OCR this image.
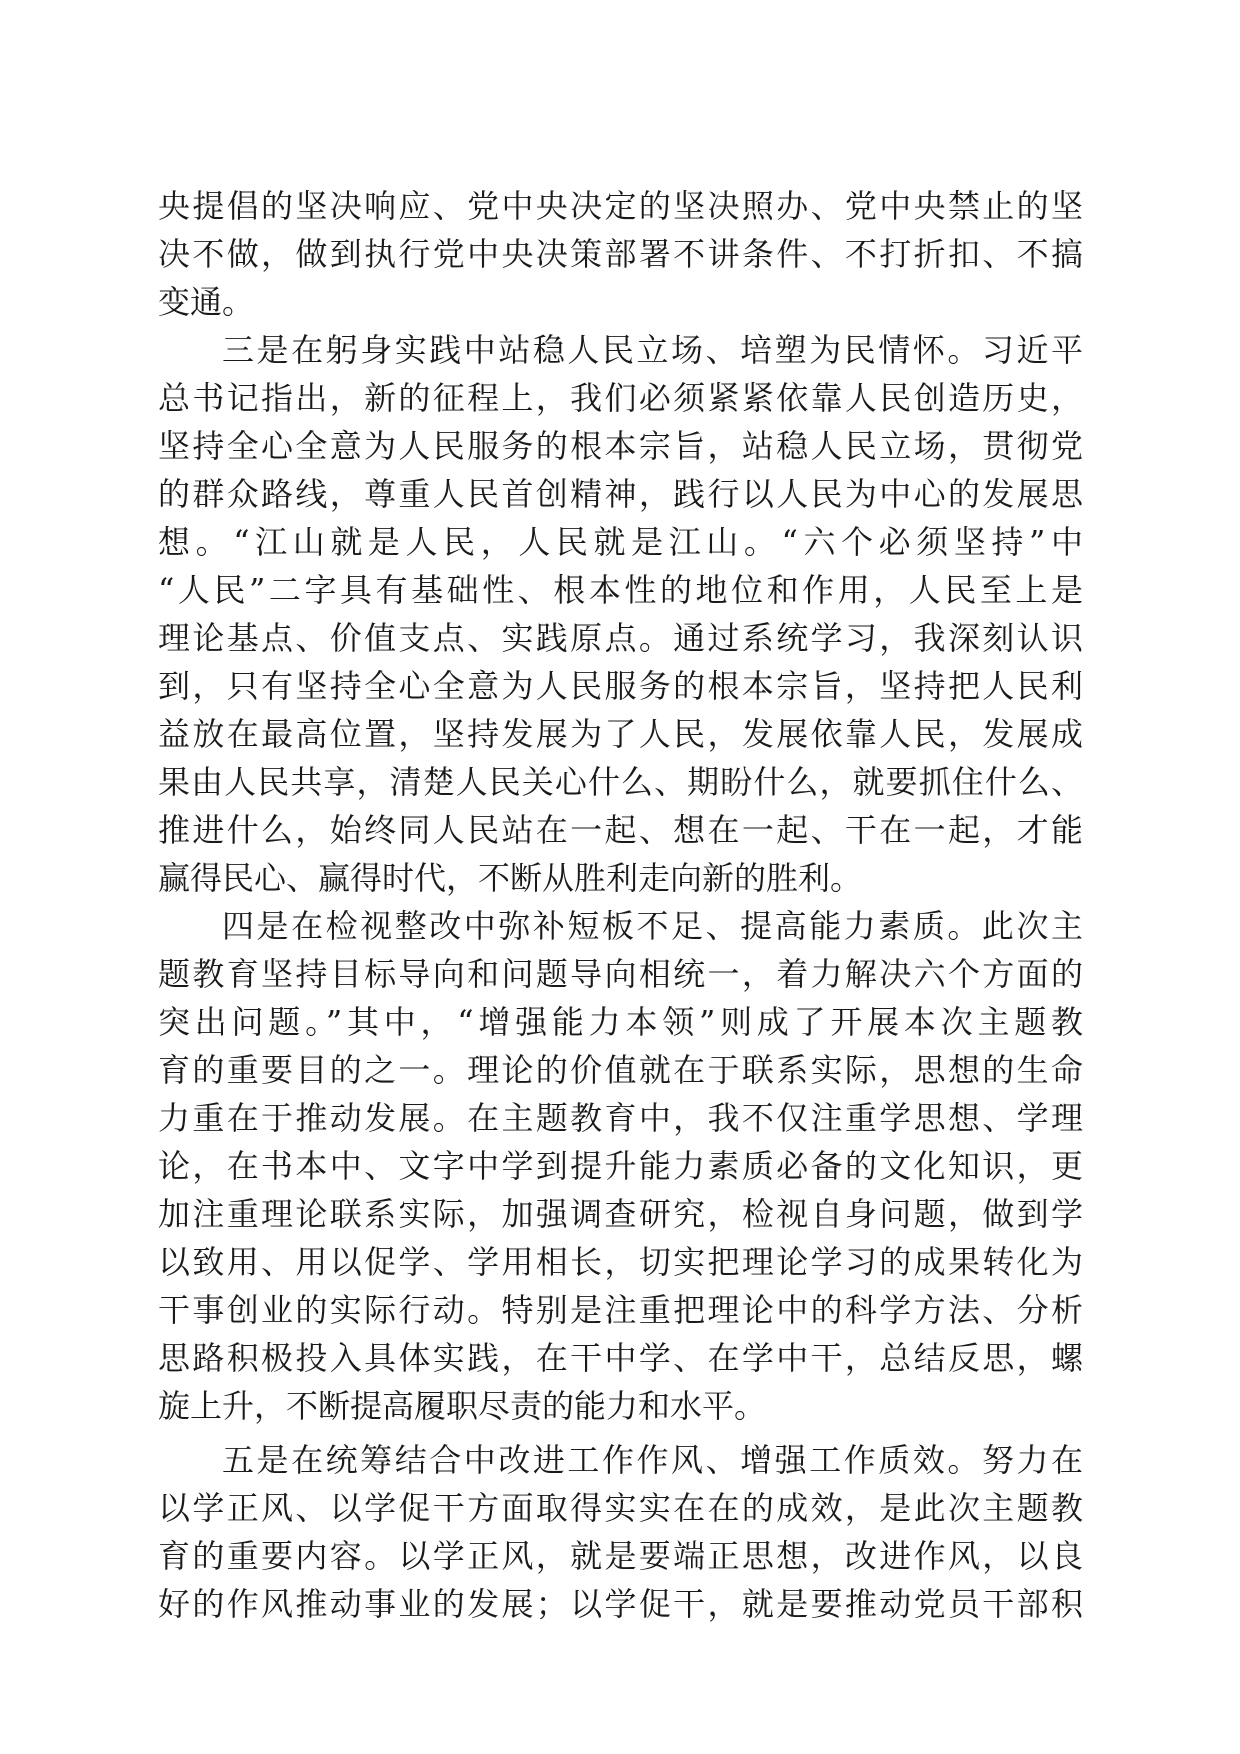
央提倡的坚决响应、党中央决定的坚决照办、党中央禁止的坚
决不做，做到执行党中央决策部署不讲条件、不打折扣、不搞
变通。
三是在躬身实践中站稳人民立场、培塑为民情怀。习近平
总书记指出，新的征程上，我们必须紧紧依靠人民创造历史，
坚持全心全意为人民服务的根本宗旨，站稳人民立场，贯彻党
的群众路线，尊重人民首创精神，践行以人民为中心的发展思
想。“江山就是人民，人民就是江山。“六个必须坚持”中
“人民”二字具有基础性、根本性的地位和作用，人民至上是
理论基点、价值支点、实践原点。通过系统学习，我深刻认识
到，只有坚持全心全意为人民服务的根本宗旨，坚持把人民利
益放在最高位置，坚持发展为了人民，发展依靠人民，发展成
果由人民共享，清楚人民关心什么、期盼什么，就要抓住什么、
推进什么，始终同人民站在一起、想在一起、干在一起，才能
赢得民心、赢得时代，不断从胜利走向新的胜利。
四是在检视整改中弥补短板不足、提高能力素质。此次主
题教育坚持目标导向和问题导向相统一，着力解决六个方面的
突出问题。”其中，“增强能力本领”则成了开展本次主题教
育的重要目的之一。理论的价值就在于联系实际，思想的生命
力重在于推动发展。在主题教育中，我不仅注重学思想、学理
论，在书本中、文字中学到提升能力素质必备的文化知识，更
加注重理论联系实际，加强调查研究，检视自身问题，做到学
以致用、用以促学、学用相长，切实把理论学习的成果转化为
干事创业的实际行动。特别是注重把理论中的科学方法、分析
思路积极投入具体实践，在干中学、在学中干，总结反思，螺
旋上升，不断提高履职尽责的能力和水平。
五是在统筹结合中改进工作作风、增强工作质效。努力在
以学正风、以学促干方面取得实实在在的成效，是此次主题教
育的重要内容。以学正风，就是要端正思想，改进作风，以良
好的作风推动事业的发展；以学促干，就是要推动党员干部积
